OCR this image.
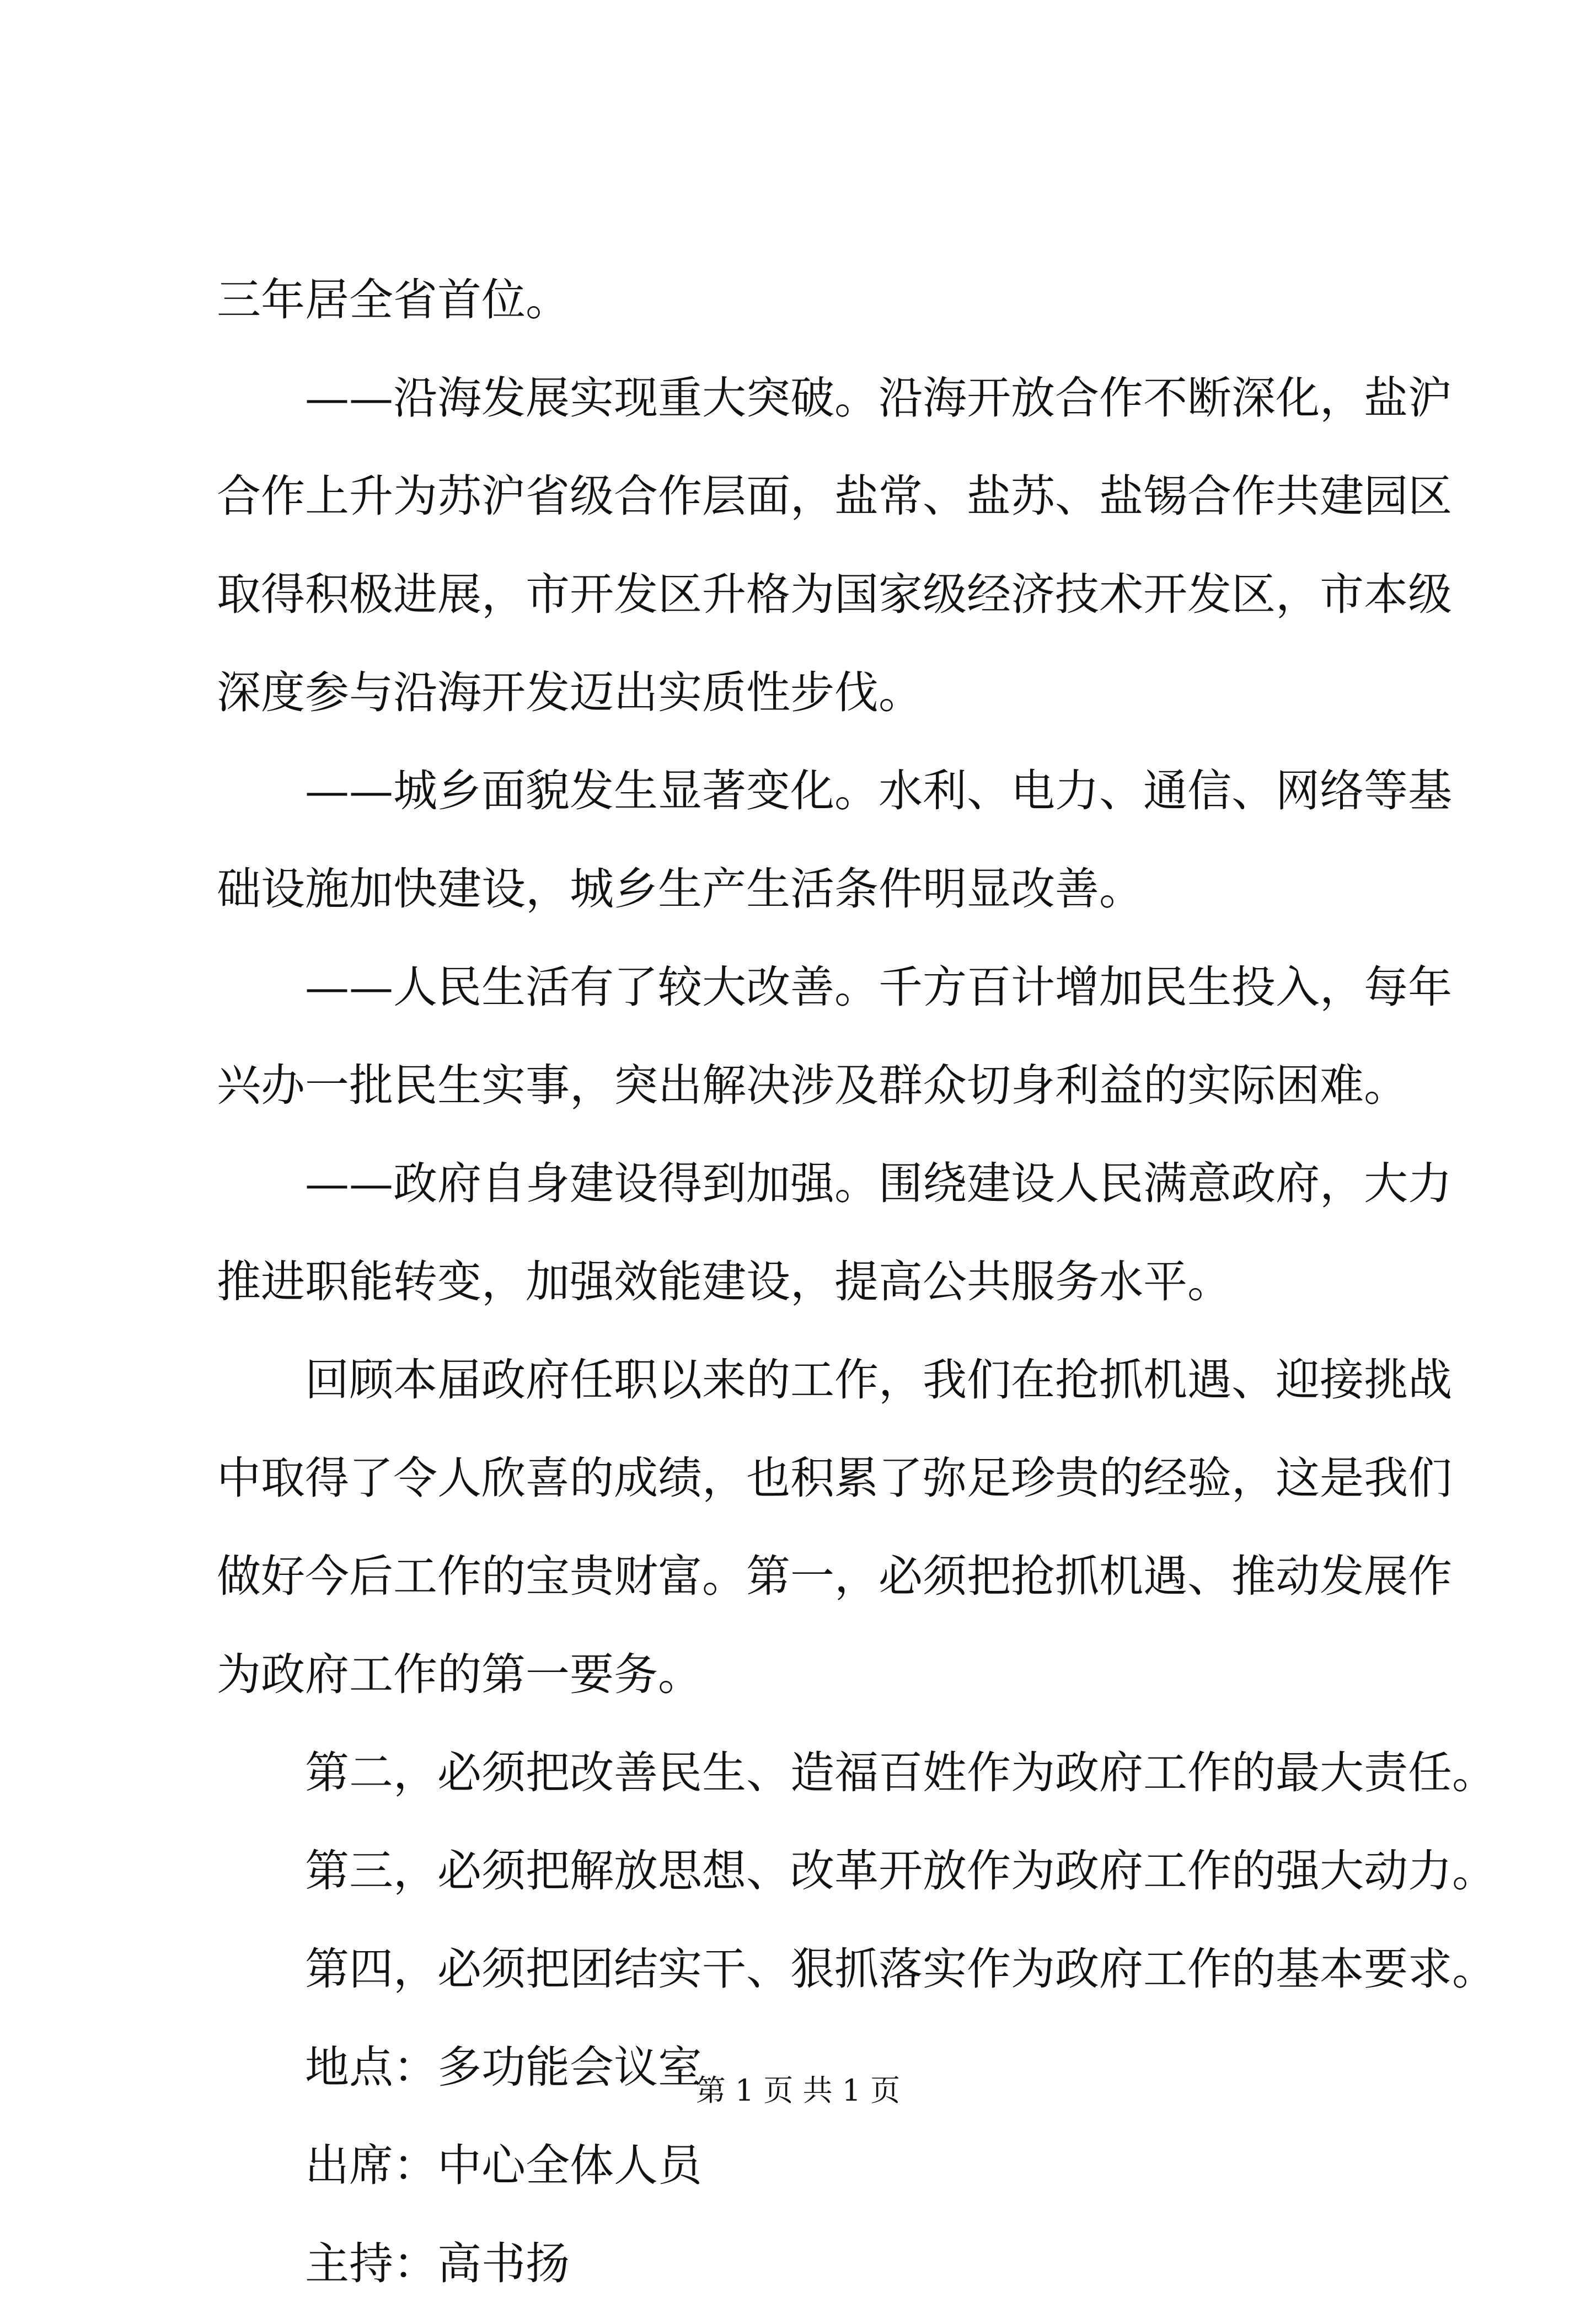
三年居全省首位。
——沿海发展实现重大突破。沿海开放合作不断深化，盐沪
合作上升为苏沪省级合作层面，盐常、盐苏、盐锡合作共建园区
取得积极进展，市开发区升格为国家级经济技术开发区，市本级
深度参与沿海开发迈出实质性步伐。
——城乡面貌发生显著变化。水利、电力、通信、网络等基
础设施加快建设，城乡生产生活条件明显改善。
——人民生活有了较大改善。千方百计增加民生投入，每年
兴办一批民生实事，突出解决涉及群众切身利益的实际困难。
——政府自身建设得到加强。围绕建设人民满意政府，大力
推进职能转变，加强效能建设，提高公共服务水平。
回顾本届政府任职以来的工作，我们在抢抓机遇、迎接挑战
中取得了令人欣喜的成绩，也积累了弥足珍贵的经验，这是我们
做好今后工作的宝贵财富。第一，必须把抢抓机遇、推动发展作
为政府工作的第一要务。
第二，必须把改善民生、造福百姓作为政府工作的最大责任。
第三，必须把解放思想、改革开放作为政府工作的强大动力。
第四，必须把团结实干、狠抓落实作为政府工作的基本要求。
地点：多功能会议室
出席：中心全体人员
主持：高书扬
第 1 页 共 1 页
